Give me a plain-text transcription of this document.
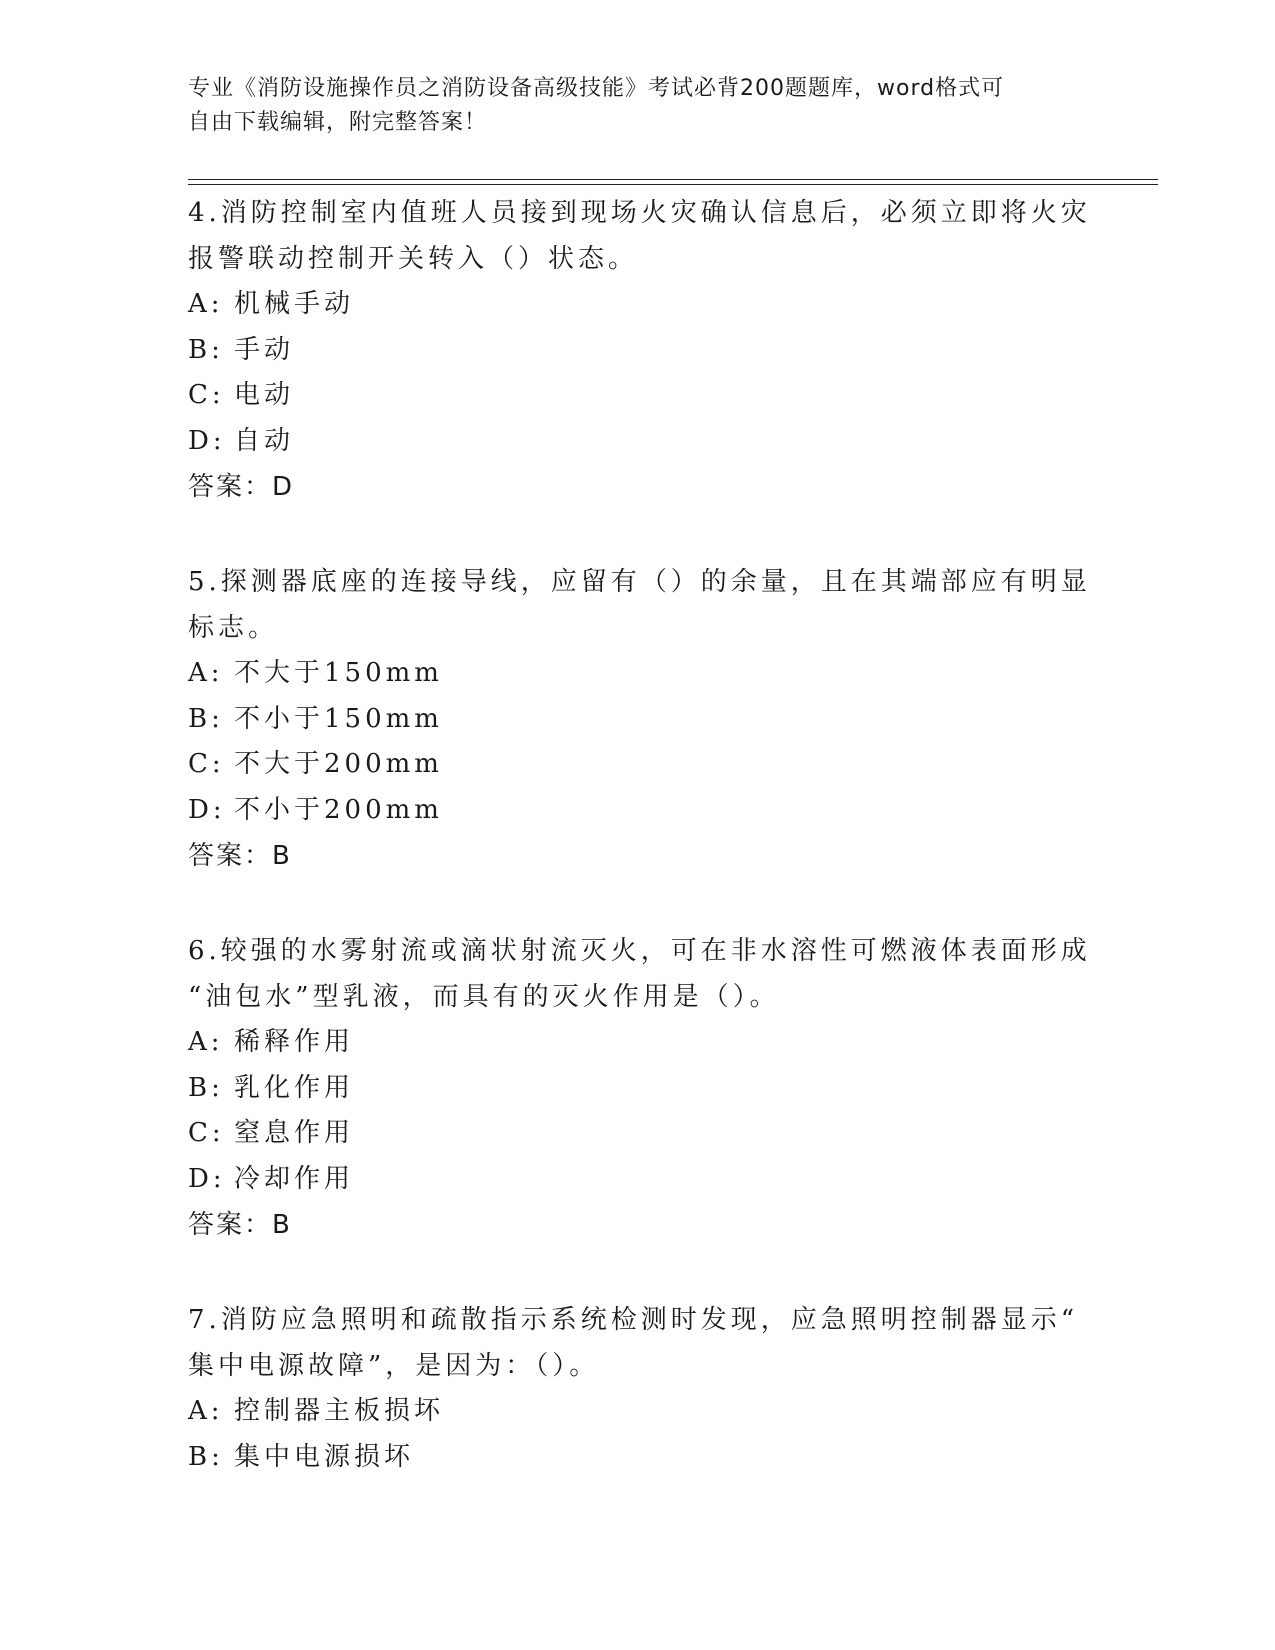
专业《消防设施操作员之消防设备高级技能》考试必背200题题库，word格式可
自由下载编辑，附完整答案！
4.消防控制室内值班人员接到现场火灾确认信息后，必须立即将火灾
报警联动控制开关转入（）状态。
A: 机械手动
B: 手动
C: 电动
D: 自动
答案：D
5.探测器底座的连接导线，应留有（）的余量，且在其端部应有明显
标志。
A: 不大于150mm
B: 不小于150mm
C: 不大于200mm
D: 不小于200mm
答案：B
6.较强的水雾射流或滴状射流灭火，可在非水溶性可燃液体表面形成
“油包水”型乳液，而具有的灭火作用是（）。
A: 稀释作用
B: 乳化作用
C: 窒息作用
D: 冷却作用
答案：B
7.消防应急照明和疏散指示系统检测时发现，应急照明控制器显示“
集中电源故障”，是因为：（）。
A: 控制器主板损坏
B: 集中电源损坏
